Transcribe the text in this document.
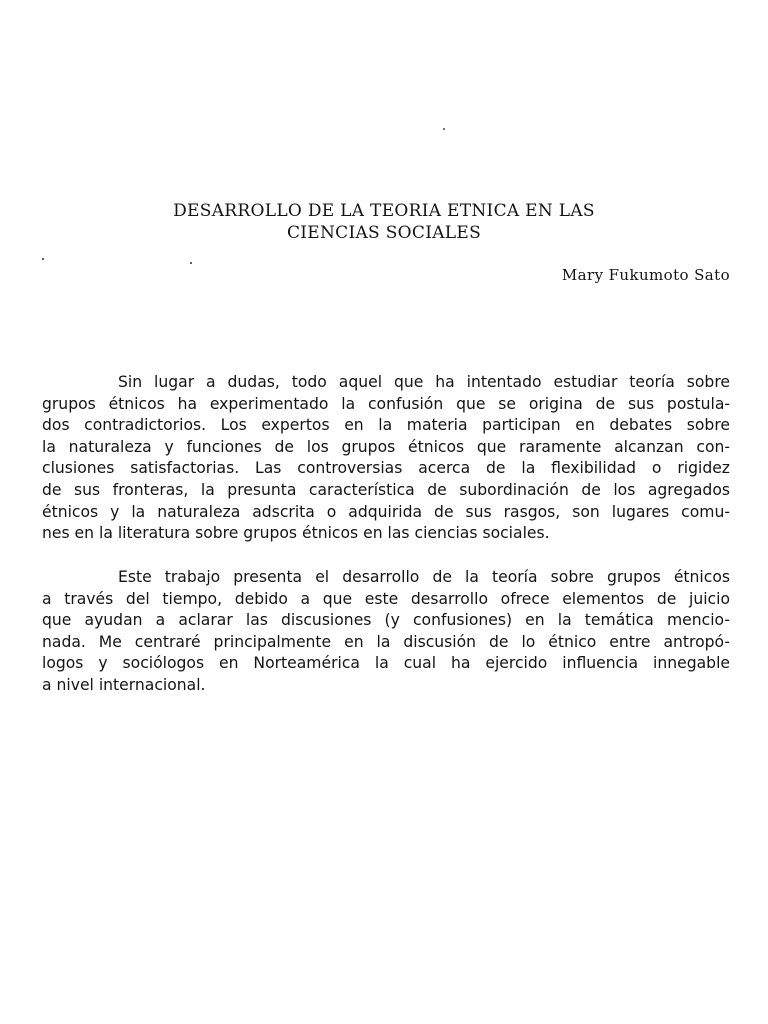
DESARROLLO DE LA TEORIA ETNICA EN LAS
CIENCIAS SOCIALES
Mary Fukumoto Sato

Sin lugar a dudas, todo aquel que ha intentado estudiar teoría sobre
grupos étnicos ha experimentado la confusión que se origina de sus postula-
dos contradictorios. Los expertos en la materia participan en debates sobre
la naturaleza y funciones de los grupos étnicos que raramente alcanzan con-
clusiones satisfactorias. Las controversias acerca de la flexibilidad o rigidez
de sus fronteras, la presunta característica de subordinación de los agregados
étnicos y la naturaleza adscrita o adquirida de sus rasgos, son lugares comu-
nes en la literatura sobre grupos étnicos en las ciencias sociales.

Este trabajo presenta el desarrollo de la teoría sobre grupos étnicos
a través del tiempo, debido a que este desarrollo ofrece elementos de juicio
que ayudan a aclarar las discusiones (y confusiones) en la temática mencio-
nada. Me centraré principalmente en la discusión de lo étnico entre antropó-
logos y sociólogos en Norteamérica la cual ha ejercido influencia innegable
a nivel internacional.
